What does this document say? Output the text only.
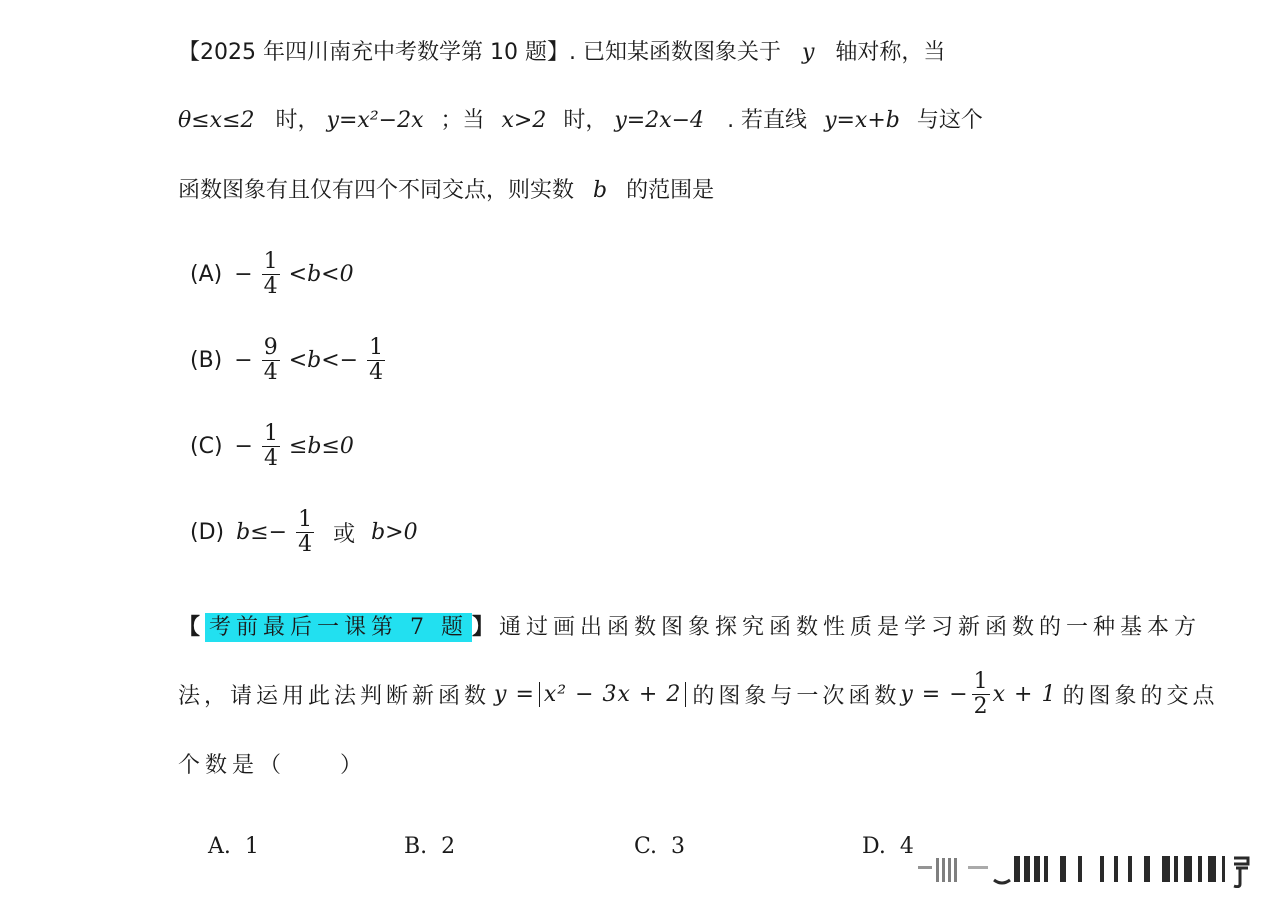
【2025 年四川南充中考数学第 10 题】. 已知某函数图象关于 y 轴对称，当
θ≤x≤2 时， y=x²−2x ；当 x>2 时， y=2x−4 . 若直线 y=x+b 与这个
函数图象有且仅有四个不同交点，则实数 b 的范围是
$(A) - \frac{1}{4} <b<0$
$(B) - \frac{9}{4} <b<- \frac{1}{4}$
$(C) - \frac{1}{4} \le b\le 0$
(D) $b\le- \frac{1}{4}$ 或 b>0
【 考前最后一课第 7 题 】通过画出函数图象探究函数性质是学习新函数的一种基本方
法，请运用此法判断新函数 y = x² − 3x + 2 的图象与一次函数 y = − $\frac{1}{2}$ x + 1 的图象的交点
个数是（　　）
A. 1	B. 2	C. 3	D. 4
